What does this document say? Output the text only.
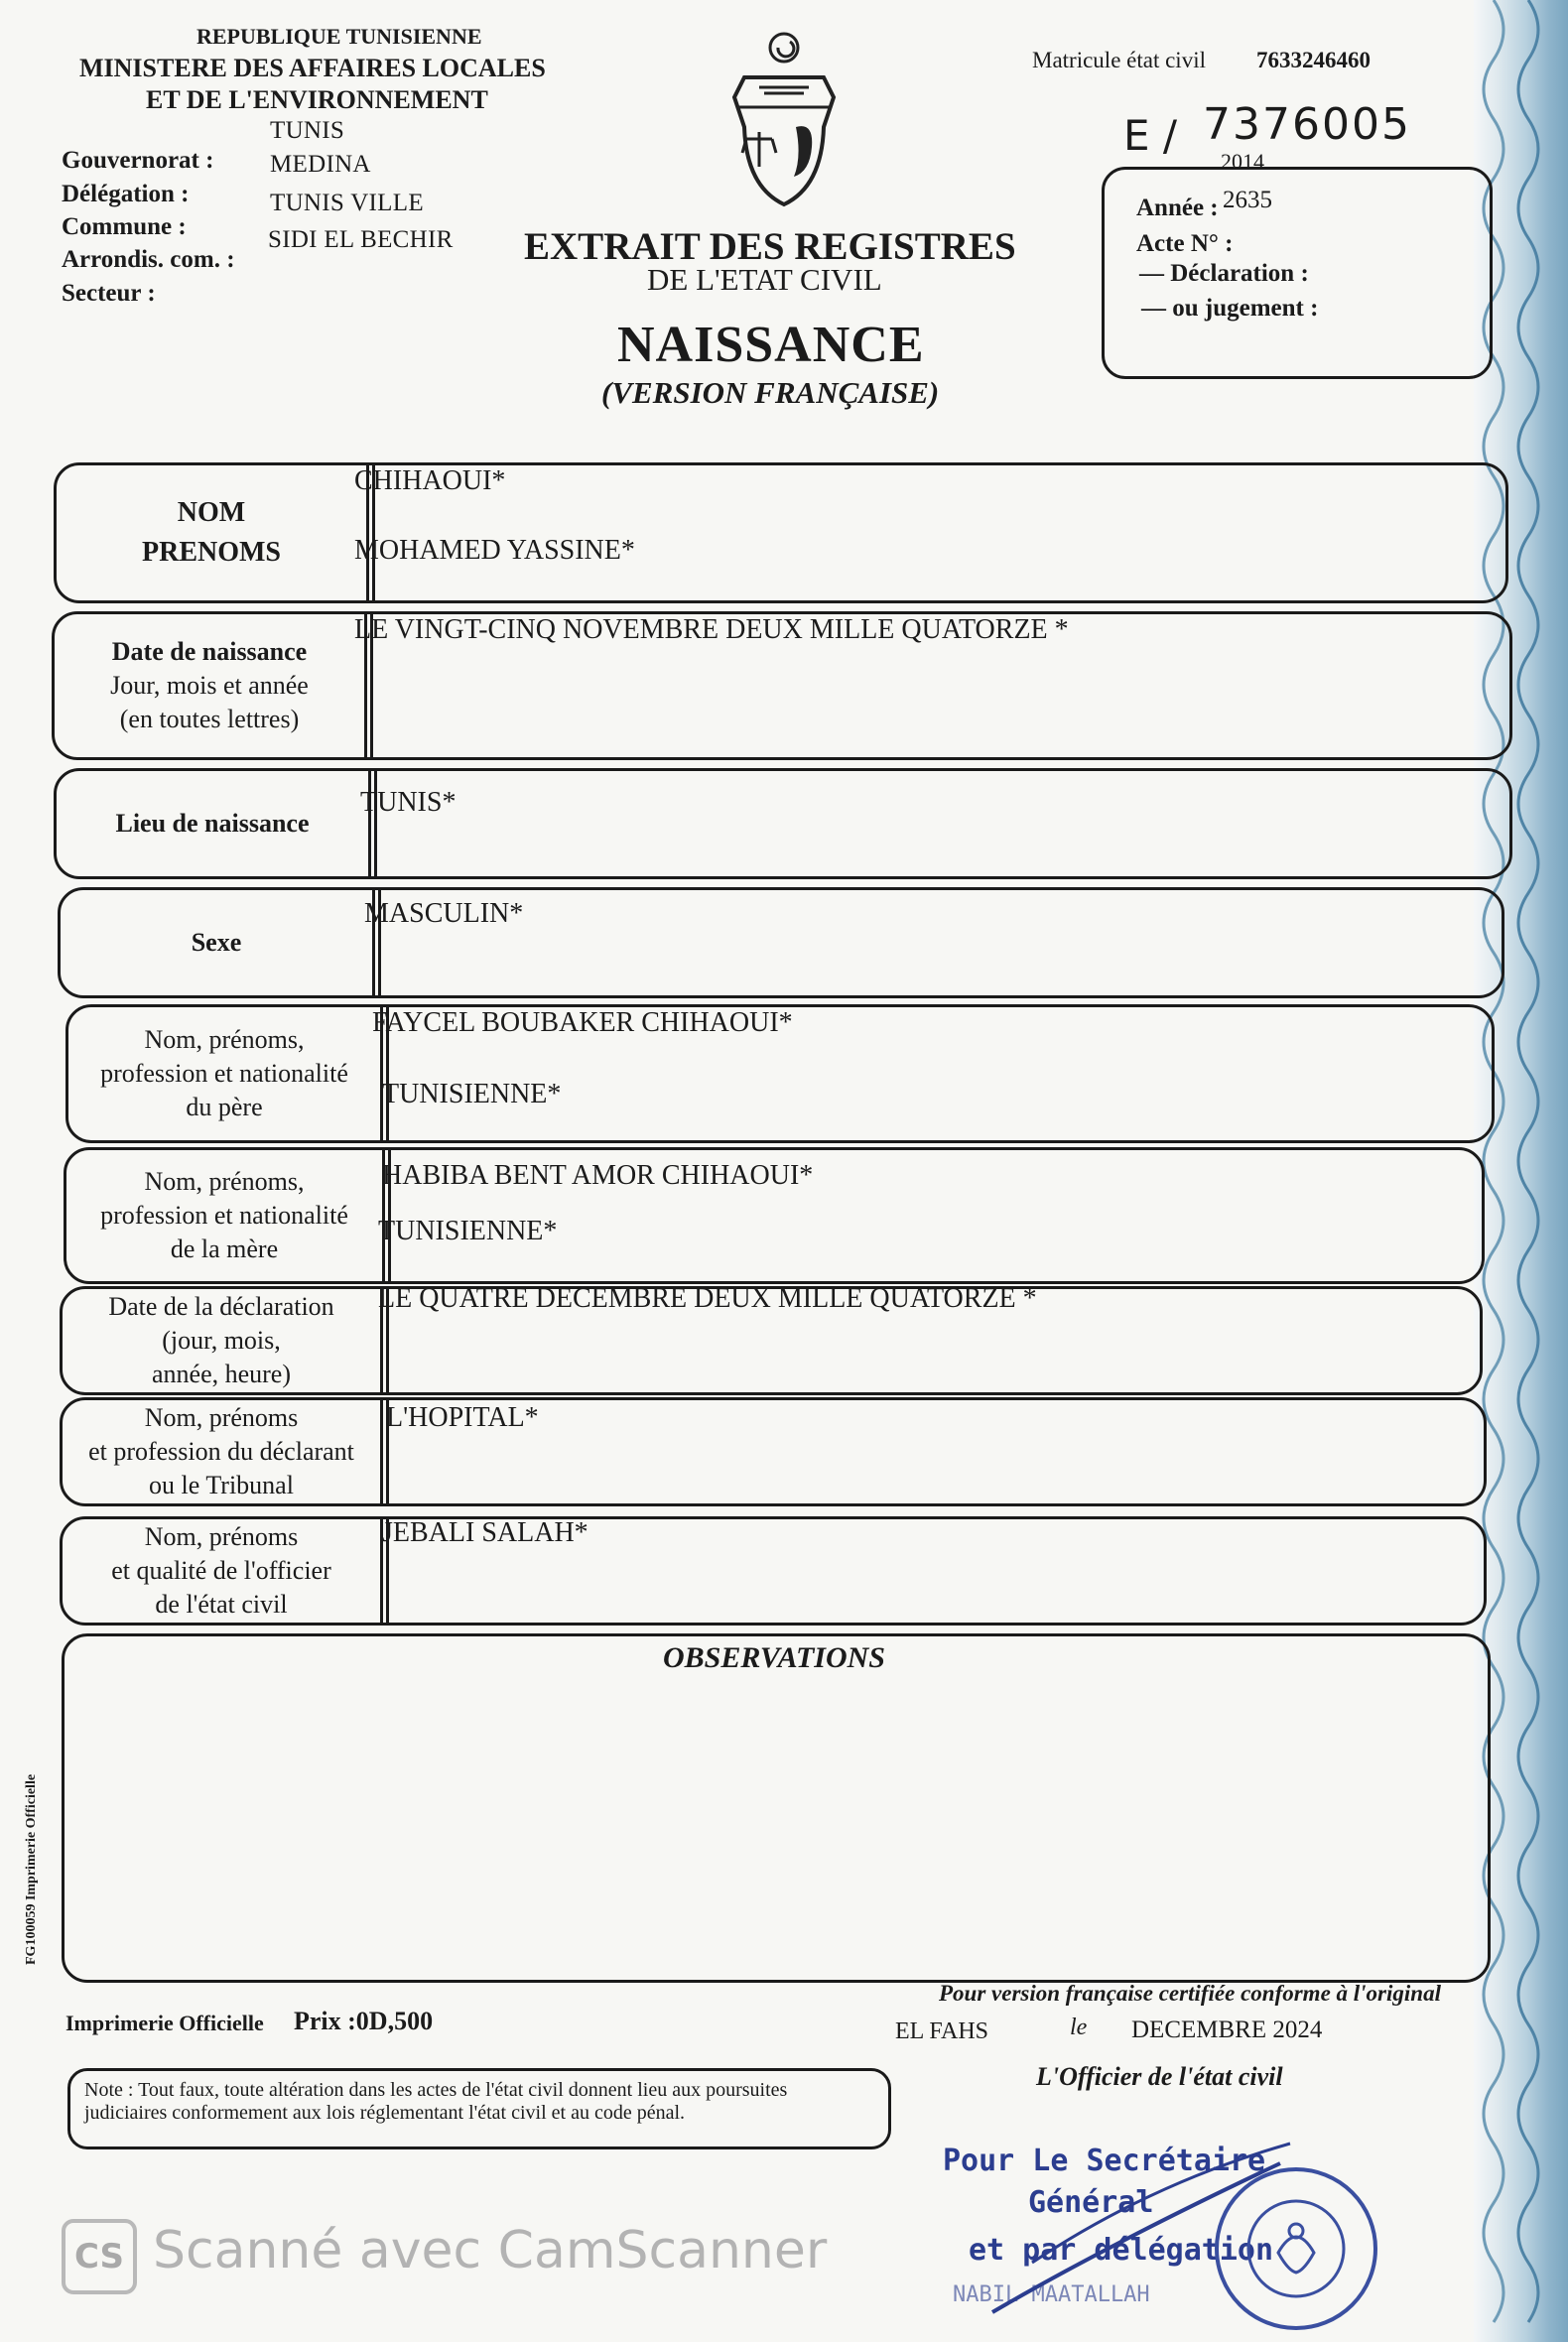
REPUBLIQUE TUNISIENNE
MINISTERE DES AFFAIRES LOCALES
ET DE L'ENVIRONNEMENT
Gouvernorat :
Délégation :
Commune :
Arrondis. com. :
Secteur :
TUNIS
MEDINA
TUNIS VILLE
SIDI EL BECHIR
Matricule état civil 7633246460
E / 7376005
2014
Année : 2635
Acte N° :
— Déclaration :
— ou jugement :
EXTRAIT DES REGISTRES
DE L'ETAT CIVIL
NAISSANCE
(VERSION FRANÇAISE)
NOM
PRENOMS
CHIHAOUI*
MOHAMED YASSINE*
Date de naissance
Jour, mois et année
(en toutes lettres)
LE VINGT-CINQ NOVEMBRE DEUX MILLE QUATORZE *
Lieu de naissance
TUNIS*
Sexe
MASCULIN*
Nom, prénoms,
profession et nationalité
du père
FAYCEL BOUBAKER CHIHAOUI*
TUNISIENNE*
Nom, prénoms,
profession et nationalité
de la mère
HABIBA BENT AMOR CHIHAOUI*
TUNISIENNE*
Date de la déclaration
(jour, mois,
année, heure)
LE QUATRE DECEMBRE DEUX MILLE QUATORZE *
Nom, prénoms
et profession du déclarant
ou le Tribunal
L'HOPITAL*
Nom, prénoms
et qualité de l'officier
de l'état civil
JEBALI SALAH*
OBSERVATIONS
FG100059 Imprimerie Officielle
Imprimerie Officielle Prix :0D,500
Pour version française certifiée conforme à l'original
EL FAHS	le DECEMBRE 2024
L'Officier de l'état civil
Note : Tout faux, toute altération dans les actes de l'état civil donnent lieu aux poursuites judiciaires conformement aux lois réglementant l'état civil et au code pénal.
Pour Le Secrétaire
Général
et par délégation
NABIL MAATALLAH
CS Scanné avec CamScanner
